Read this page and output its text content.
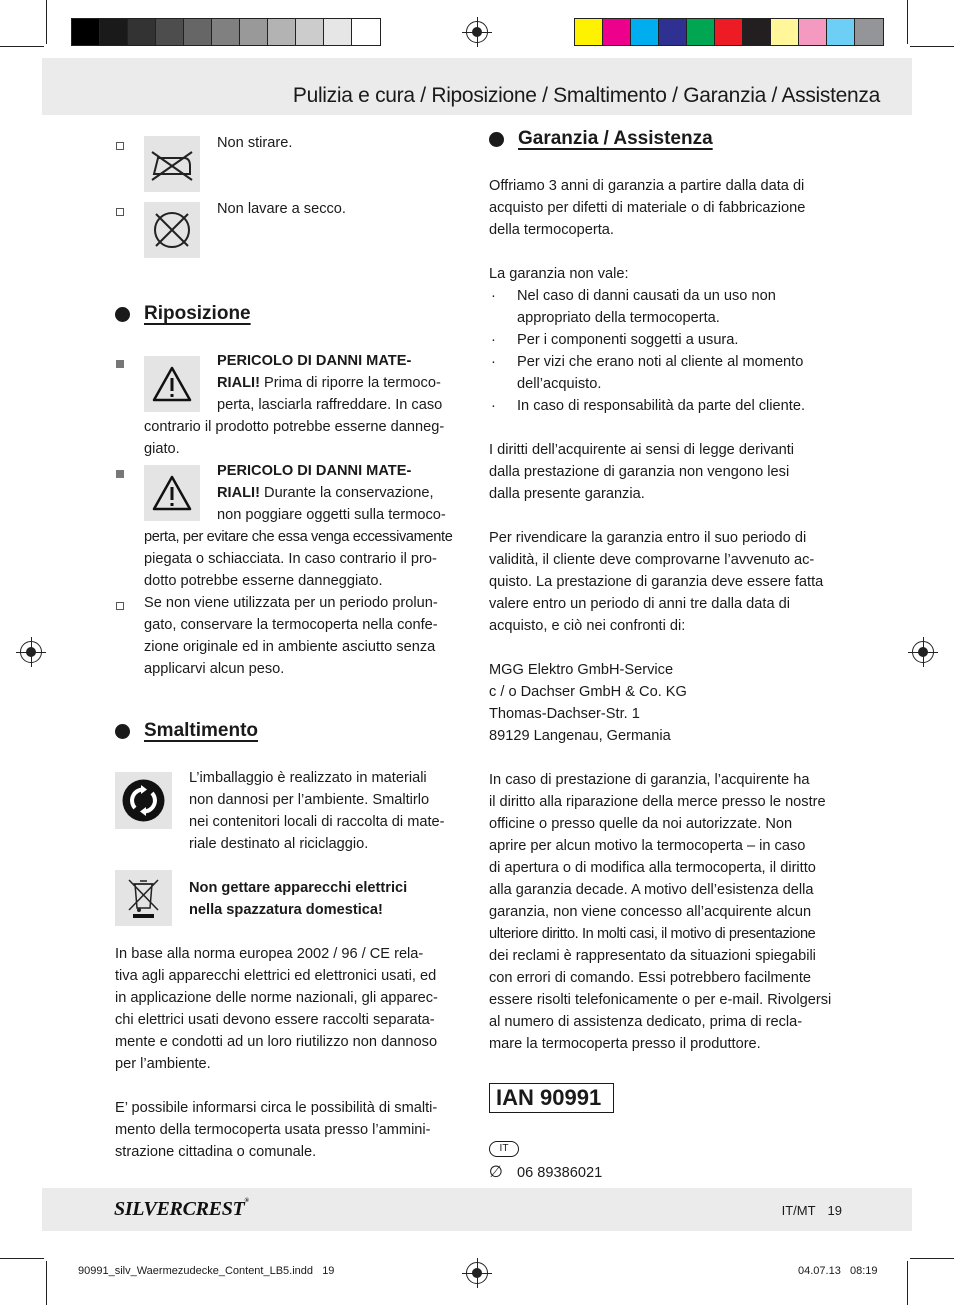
Pulizia e cura / Riposizione / Smaltimento / Garanzia / Assistenza
Non stirare.
Non lavare a secco.
Riposizione
PERICOLO DI DANNI MATE-
RIALI! Prima di riporre la termoco-
perta, lasciarla raffreddare. In caso
contrario il prodotto potrebbe esserne danneg-
giato.
PERICOLO DI DANNI MATE-
RIALI! Durante la conservazione,
non poggiare oggetti sulla termoco-
perta, per evitare che essa venga eccessivamente
piegata o schiacciata. In caso contrario il pro-
dotto potrebbe esserne danneggiato.
Se non viene utilizzata per un periodo prolun-
gato, conservare la termocoperta nella confe-
zione originale ed in ambiente asciutto senza
applicarvi alcun peso.
Smaltimento
L’imballaggio è realizzato in materiali
non dannosi per l’ambiente. Smaltirlo
nei contenitori locali di raccolta di mate-
riale destinato al riciclaggio.
Non gettare apparecchi elettrici
nella spazzatura domestica!
In base alla norma europea 2002 / 96 / CE rela-
tiva agli apparecchi elettrici ed elettronici usati, ed
in applicazione delle norme nazionali, gli apparec-
chi elettrici usati devono essere raccolti separata-
mente e condotti ad un loro riutilizzo non dannoso
per l’ambiente.
E’ possibile informarsi circa le possibilità di smalti-
mento della termocoperta usata presso l’ammini-
strazione cittadina o comunale.
Garanzia / Assistenza
Offriamo 3 anni di garanzia a partire dalla data di
acquisto per difetti di materiale o di fabbricazione
della termocoperta.
La garanzia non vale:
· Nel caso di danni causati da un uso non
appropriato della termocoperta.
· Per i componenti soggetti a usura.
· Per vizi che erano noti al cliente al momento
dell’acquisto.
· In caso di responsabilità da parte del cliente.
I diritti dell’acquirente ai sensi di legge derivanti
dalla prestazione di garanzia non vengono lesi
dalla presente garanzia.
Per rivendicare la garanzia entro il suo periodo di
validità, il cliente deve comprovarne l’avvenuto ac-
quisto. La prestazione di garanzia deve essere fatta
valere entro un periodo di anni tre dalla data di
acquisto, e ciò nei confronti di:
MGG Elektro GmbH-Service
c / o Dachser GmbH & Co. KG
Thomas-Dachser-Str. 1
89129 Langenau, Germania
In caso di prestazione di garanzia, l’acquirente ha
il diritto alla riparazione della merce presso le nostre
officine o presso quelle da noi autorizzate. Non
aprire per alcun motivo la termocoperta – in caso
di apertura o di modifica alla termocoperta, il diritto
alla garanzia decade. A motivo dell’esistenza della
garanzia, non viene concesso all’acquirente alcun
ulteriore diritto. In molti casi, il motivo di presentazione
dei reclami è rappresentato da situazioni spiegabili
con errori di comando. Essi potrebbero facilmente
essere risolti telefonicamente o per e-mail. Rivolgersi
al numero di assistenza dedicato, prima di recla-
mare la termocoperta presso il produttore.
IAN 90991
IT
∅ 06 89386021
SILVERCREST®
IT/MT 19
90991_silv_Waermezudecke_Content_LB5.indd   19	04.07.13   08:19
